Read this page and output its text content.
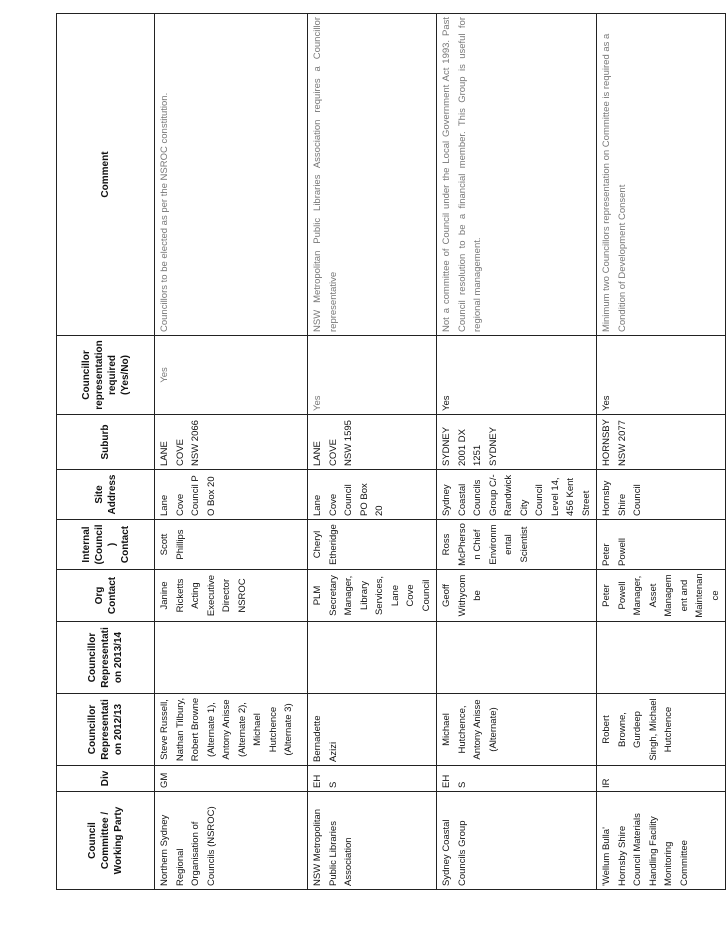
Council Committee / Working Party	Div	Councillor Representation 2012/13	Councillor Representation 2013/14	Org Contact	Internal (Council) Contact	Site Address	Suburb	Councillor representation required (Yes/No)	Comment
Northern Sydney Regional Organisation of Councils (NSROC)	GM	Steve Russell, Nathan Tilbury, Robert Browne (Alternate 1), Antony Anisse (Alternate 2), Michael Hutchence (Alternate 3)		Janine Ricketts Acting Executive Director NSROC	Scott Phillips	Lane Cove Council P O Box 20	LANE COVE NSW 2066	Yes	Councillors to be elected as per the NSROC constitution.
NSW Metropolitan Public Libraries Association	EHS	Bernadette Azizi		PLM Secretary Manager, Library Services, Lane Cove Council	Cheryl Etheridge	Lane Cove Council PO Box 20	LANE COVE NSW 1595	Yes	NSW Metropolitan Public Libraries Association requires a Councillor representative
Sydney Coastal Councils Group	EHS	Michael Hutchence, Antony Anisse (Alternate)		Geoff Withycombe	Ross McPherson Chief Environmental Scientist	Sydney Coastal Councils Group C/- Randwick City Council Level 14, 456 Kent Street	SYDNEY 2001 DX 1251 SYDNEY	Yes	Not a committee of Council under the Local Government Act 1993. Past Council resolution to be a financial member. This Group is useful for regional management.
'Wellum Bulla' Hornsby Shire Council Materials Handling Facility Monitoring Committee	IR	Robert Browne, Gurdeep Singh, Michael Hutchence		Peter Powell Manager, Asset Management and Maintenance	Peter Powell	Hornsby Shire Council	HORNSBY NSW 2077	Yes	Minimum two Councillors representation on Committee is required as a Condition of Development Consent
